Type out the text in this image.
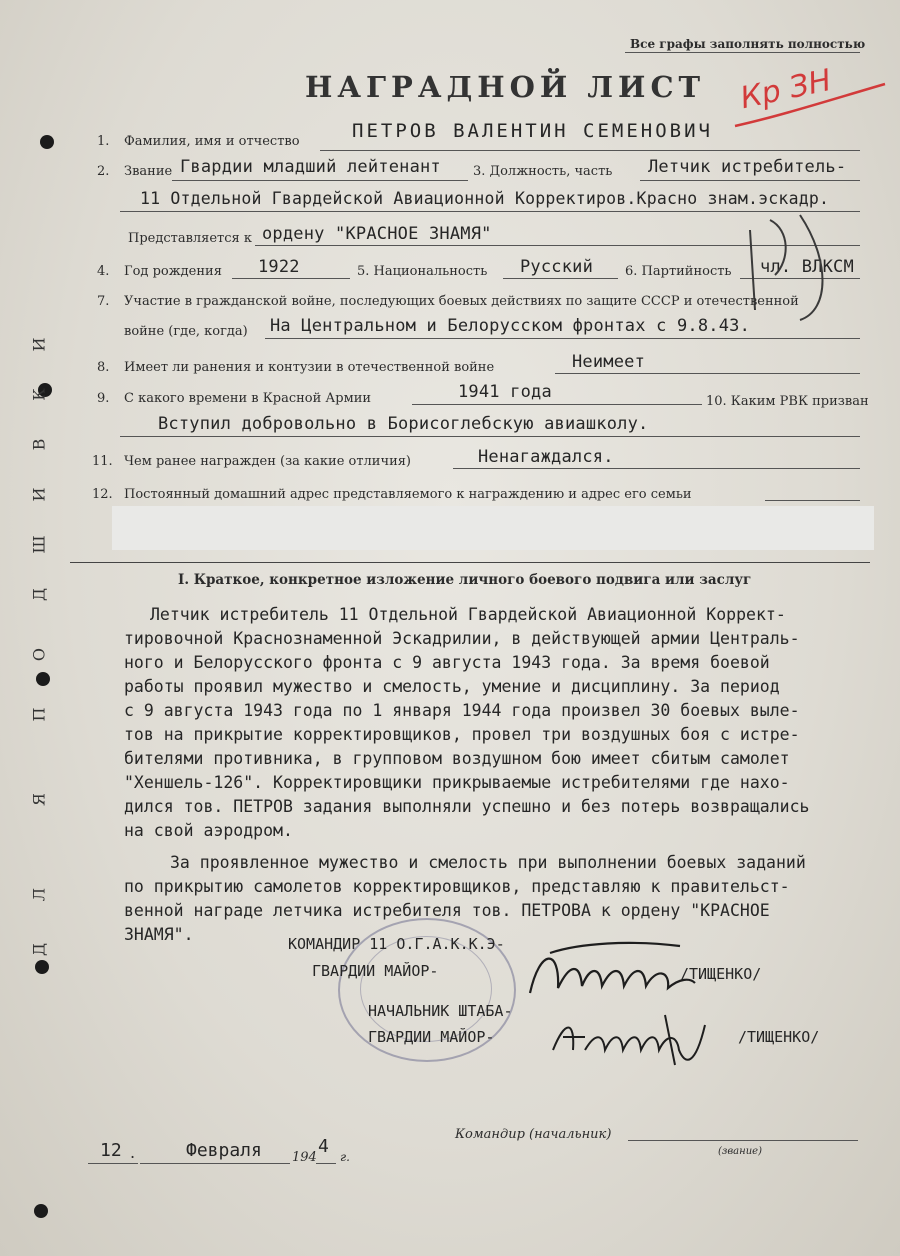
Д
Л
Я
П
О
Д
Ш
И
В
К
И
Все графы заполнять полностью
НАГРАДНОЙ ЛИСТ Кр ЗН
1. Фамилия, имя и отчество	ПЕТРОВ ВАЛЕНТИН СЕМЕНОВИЧ
2. Звание Гвардии младший лейтенант 3. Должность, часть Летчик истребитель-
11 Отдельной Гвардейской Авиационной Корректиров.Красно знам.эскадр.
Представляется к ордену "КРАСНОЕ ЗНАМЯ"
4. Год рождения 1922	5. Национальность Русский 6. Партийность чл. ВЛКСМ
7. Участие в гражданской войне, последующих боевых действиях по защите СССР и отечественной
войне (где, когда) На Центральном и Белорусском фронтах с 9.8.43.
8. Имеет ли ранения и контузии в отечественной войне	Неимеет
9. С какого времени в Красной Армии	1941 года	10. Каким РВК призван
Вступил добровольно в Борисоглебскую авиашколу.
11. Чем ранее награжден (за какие отличия)	Ненагаждался.
12. Постоянный домашний адрес представляемого к награждению и адрес его семьи
I. Краткое, конкретное изложение личного боевого подвига или заслуг
Летчик истребитель 11 Отдельной Гвардейской Авиационной Коррект-
тировочной Краснознаменной Эскадрилии, в действующей армии Централь-
ного и Белорусского фронта с 9 августа 1943 года. За время боевой
работы проявил мужество и смелость, умение и дисциплину. За период
с 9 августа 1943 года по 1 января 1944 года произвел 30 боевых выле-
тов на прикрытие корректировщиков, провел три воздушных боя с истре-
бителями противника, в групповом воздушном бою имеет сбитым самолет
"Хеншель-126". Корректировщики прикрываемые истребителями где нахо-
дился тов. ПЕТРОВ задания выполняли успешно и без потерь возвращались
на свой аэродром.
За проявленное мужество и смелость при выполнении боевых заданий
по прикрытию самолетов корректировщиков, представляю к правительст-
венной награде летчика истребителя тов. ПЕТРОВА к ордену "КРАСНОЕ
ЗНАМЯ".	КОМАНДИР 11 О.Г.А.К.К.Э-
ГВАРДИИ МАЙОР-	/ТИЩЕНКО/
НАЧАЛЬНИК ШТАБА-
ГВАРДИИ МАЙОР-	/ТИЩЕНКО/
Командир (начальник)
(звание)
12 .	Февраля 194
4 г.
